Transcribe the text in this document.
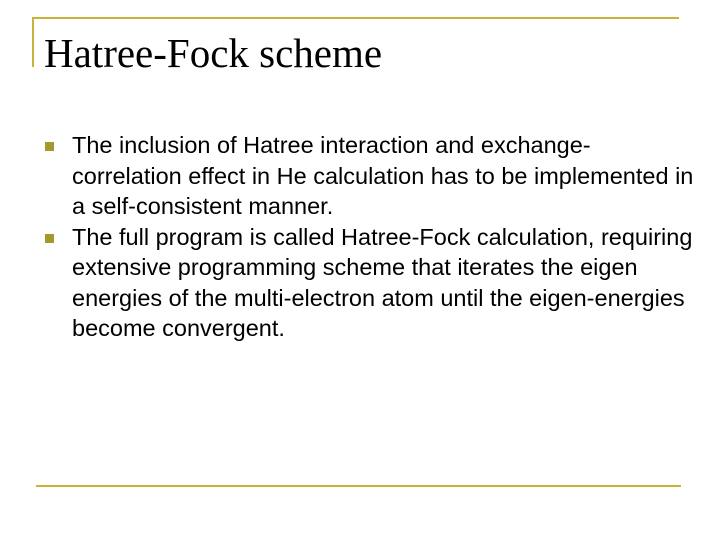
Hatree-Fock scheme
The inclusion of Hatree interaction and exchange-correlation effect in He calculation has to be implemented in a self-consistent manner.
The full program is called Hatree-Fock calculation, requiring extensive programming scheme that iterates the eigen energies of the multi-electron atom until the eigen-energies become convergent.
